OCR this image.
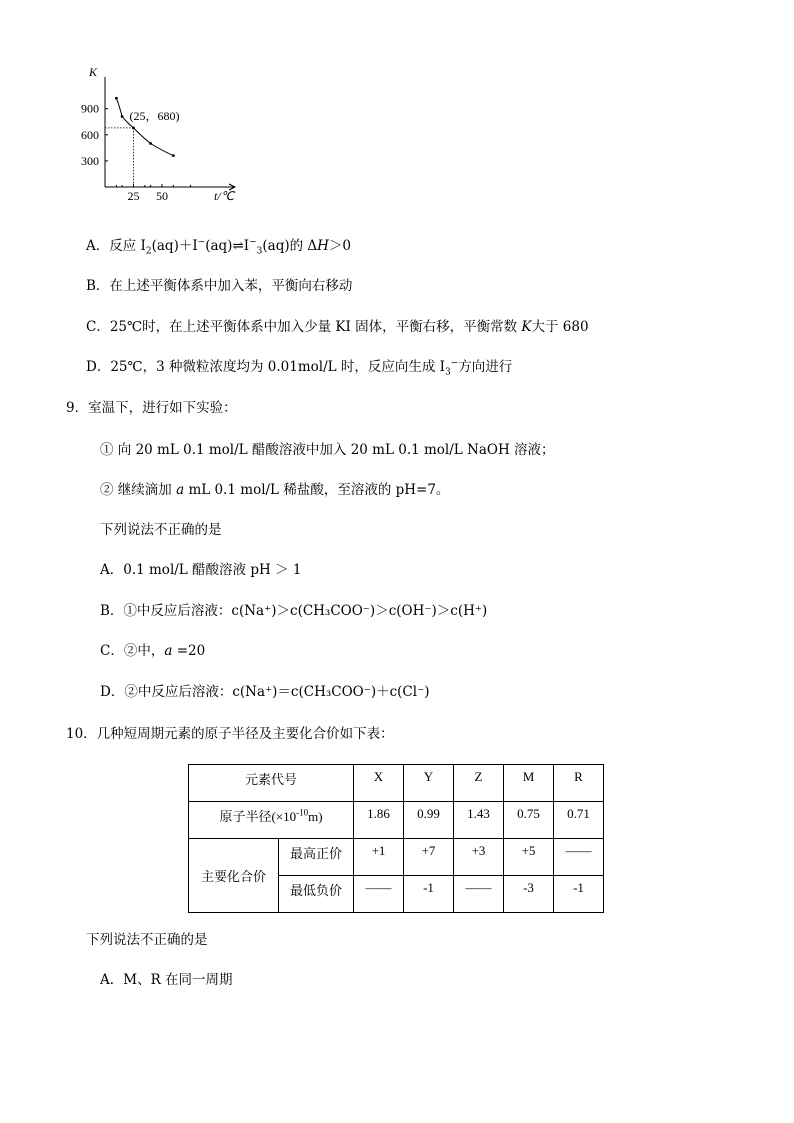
900
600
300
25 50
K
t/℃
(25，680)
A．反应 $I_2(aq)+I^-(aq)\rightleftharpoons I^-_3(aq)$的 ΔH＞0
B．在上述平衡体系中加入苯，平衡向右移动
C．25℃时，在上述平衡体系中加入少量 KI 固体，平衡右移，平衡常数 K大于 680
D．25℃，3 种微粒浓度均为 0.01mol/L 时，反应向生成 $I_3^-$方向进行
9．室温下，进行如下实验：
① 向 20 mL 0.1 mol/L 醋酸溶液中加入 20 mL 0.1 mol/L NaOH 溶液；
② 继续滴加 a mL 0.1 mol/L 稀盐酸，至溶液的 pH=7。
下列说法不正确的是
A．0.1 mol/L 醋酸溶液 pH ＞ 1
B．①中反应后溶液：c(Na⁺)＞c(CH₃COO⁻)＞c(OH⁻)＞c(H⁺)
C．②中，a =20
D．②中反应后溶液：c(Na⁺)＝c(CH₃COO⁻)＋c(Cl⁻)
10．几种短周期元素的原子半径及主要化合价如下表：
元素代号		X	Y	Z	M	R
原子半径$(\times 10^{-10}m)$		1.86	0.99	1.43	0.75	0.71
主要化合价	最高正价	+1	+7	+3	+5	——
	最低负价	——	-1	——	-3	-1
下列说法不正确的是
A．M、R 在同一周期
